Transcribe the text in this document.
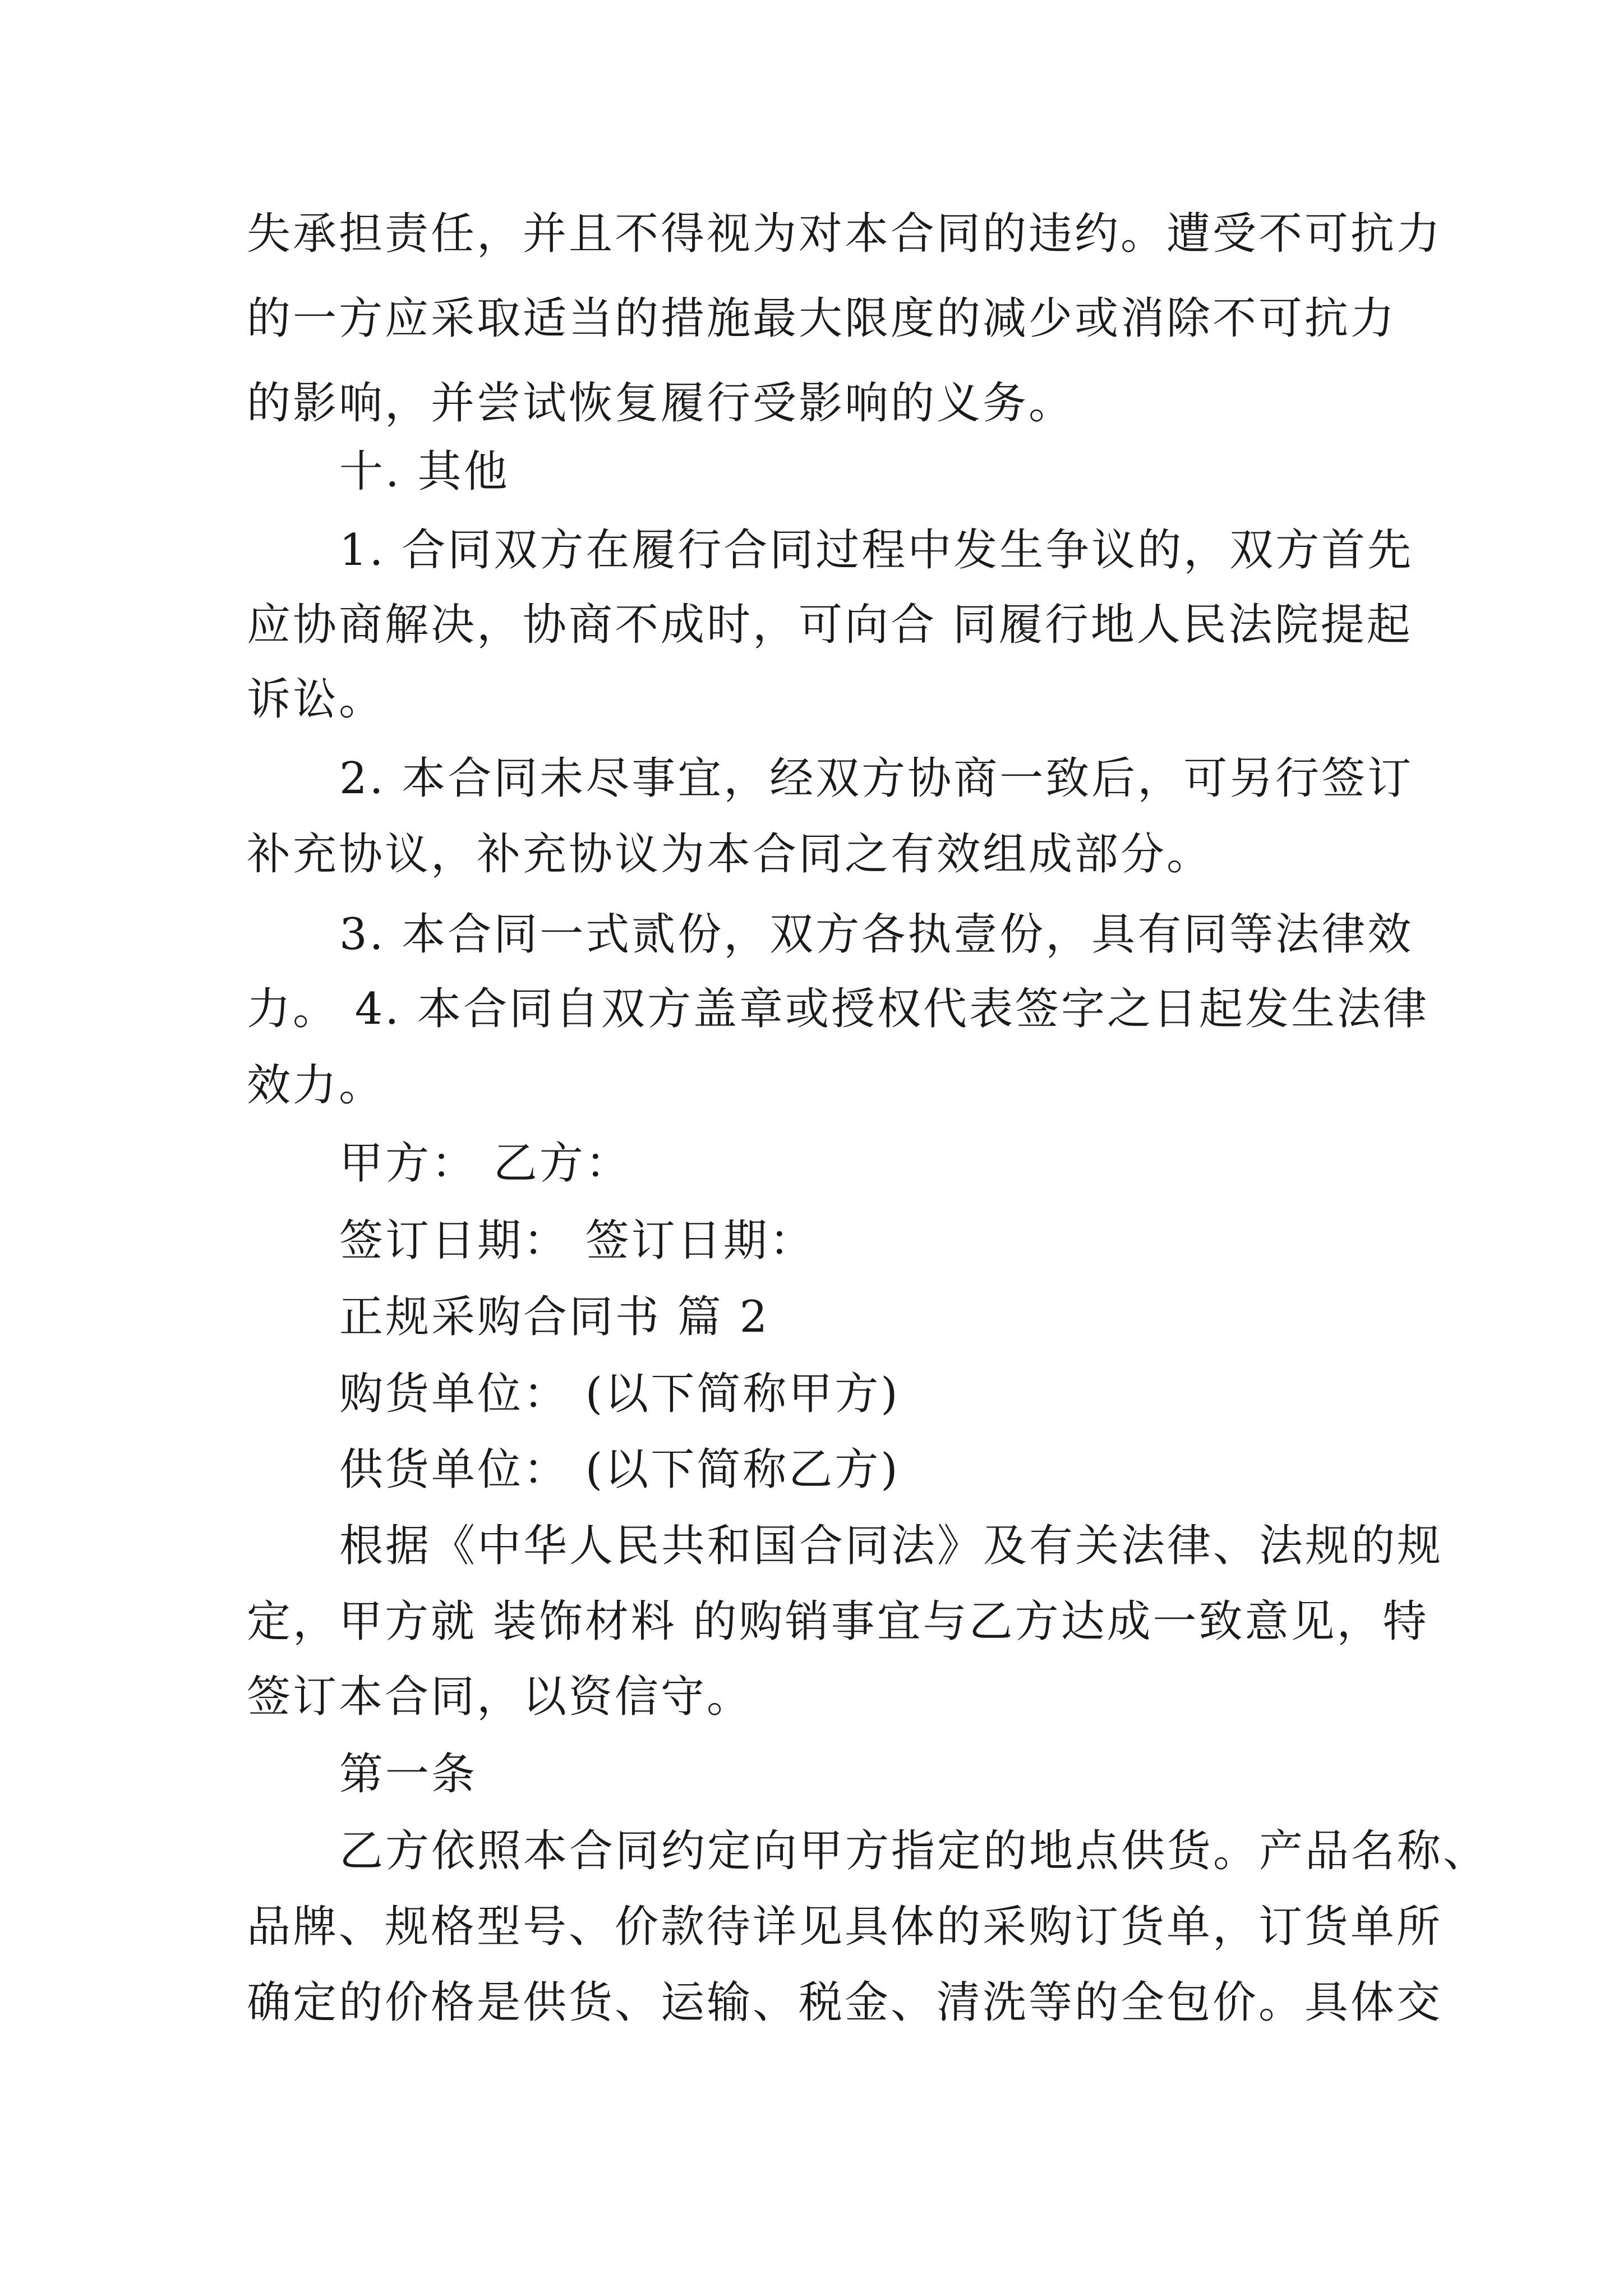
失承担责任，并且不得视为对本合同的违约。遭受不可抗力
的一方应采取适当的措施最大限度的减少或消除不可抗力
的影响，并尝试恢复履行受影响的义务。
十. 其他
1. 合同双方在履行合同过程中发生争议的，双方首先
应协商解决，协商不成时，可向合 同履行地人民法院提起
诉讼。
2. 本合同未尽事宜，经双方协商一致后，可另行签订
补充协议，补充协议为本合同之有效组成部分。
3. 本合同一式贰份，双方各执壹份，具有同等法律效
力。 4. 本合同自双方盖章或授权代表签字之日起发生法律
效力。
甲方： 乙方：
签订日期： 签订日期：
正规采购合同书 篇 2
购货单位： (以下简称甲方)
供货单位： (以下简称乙方)
根据《中华人民共和国合同法》及有关法律、法规的规
定，甲方就 装饰材料 的购销事宜与乙方达成一致意见，特
签订本合同，以资信守。
第一条
乙方依照本合同约定向甲方指定的地点供货。产品名称、
品牌、规格型号、价款待详见具体的采购订货单，订货单所
确定的价格是供货、运输、税金、清洗等的全包价。具体交
